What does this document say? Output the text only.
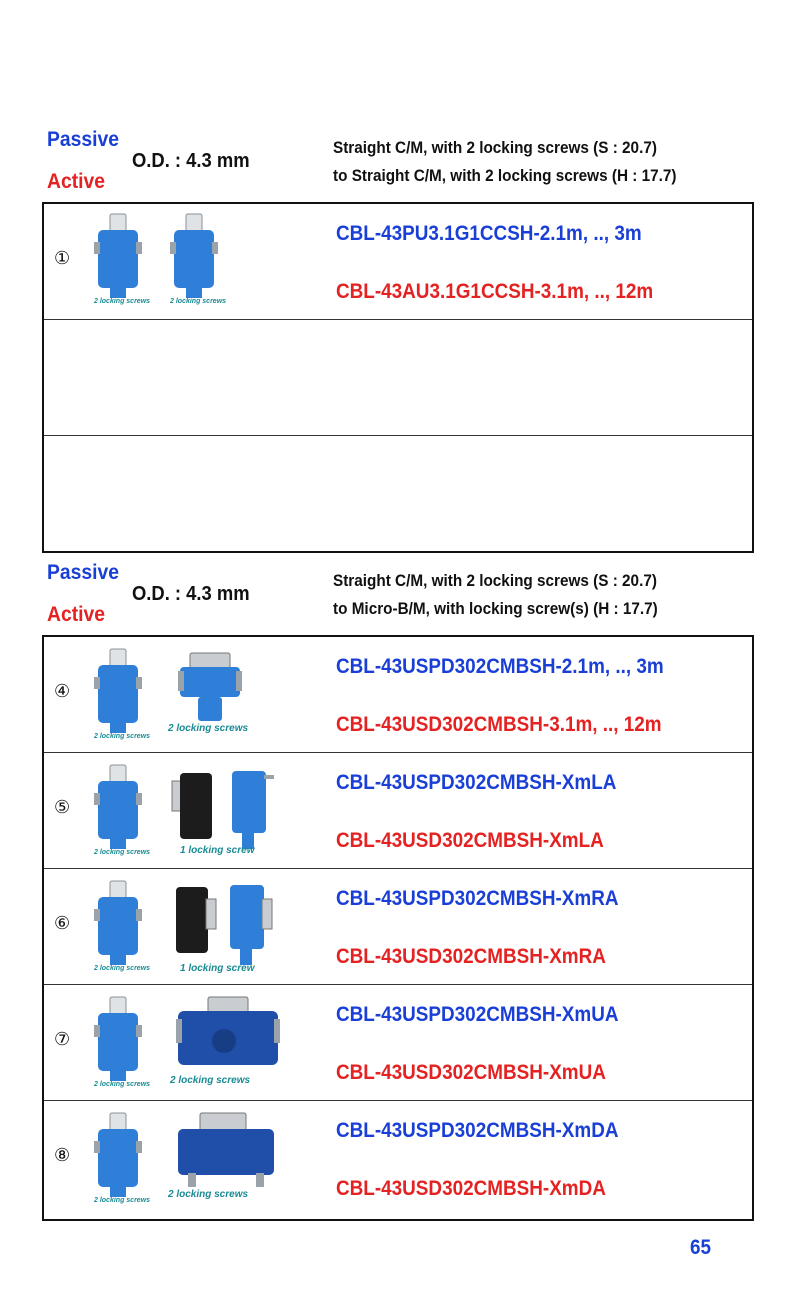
Passive
O.D. : 4.3 mm
Active
Straight C/M, with 2 locking screws (S : 20.7)
to Straight C/M, with 2 locking screws (H : 17.7)
①
2 locking screws	2 locking screws
CBL-43PU3.1G1CCSH-2.1m, .., 3m
CBL-43AU3.1G1CCSH-3.1m, .., 12m
Passive
O.D. : 4.3 mm
Active
Straight C/M, with 2 locking screws (S : 20.7)
to Micro-B/M, with locking screw(s) (H : 17.7)
④
2 locking screws
2 locking screws
CBL-43USPD302CMBSH-2.1m, .., 3m
CBL-43USD302CMBSH-3.1m, .., 12m
⑤
2 locking screws	1 locking screw
CBL-43USPD302CMBSH-XmLA
CBL-43USD302CMBSH-XmLA
⑥
2 locking screws	1 locking screw
CBL-43USPD302CMBSH-XmRA
CBL-43USD302CMBSH-XmRA
⑦
2 locking screws 2 locking screws
CBL-43USPD302CMBSH-XmUA
CBL-43USD302CMBSH-XmUA
⑧
2 locking screws
2 locking screws
CBL-43USPD302CMBSH-XmDA
CBL-43USD302CMBSH-XmDA
65
